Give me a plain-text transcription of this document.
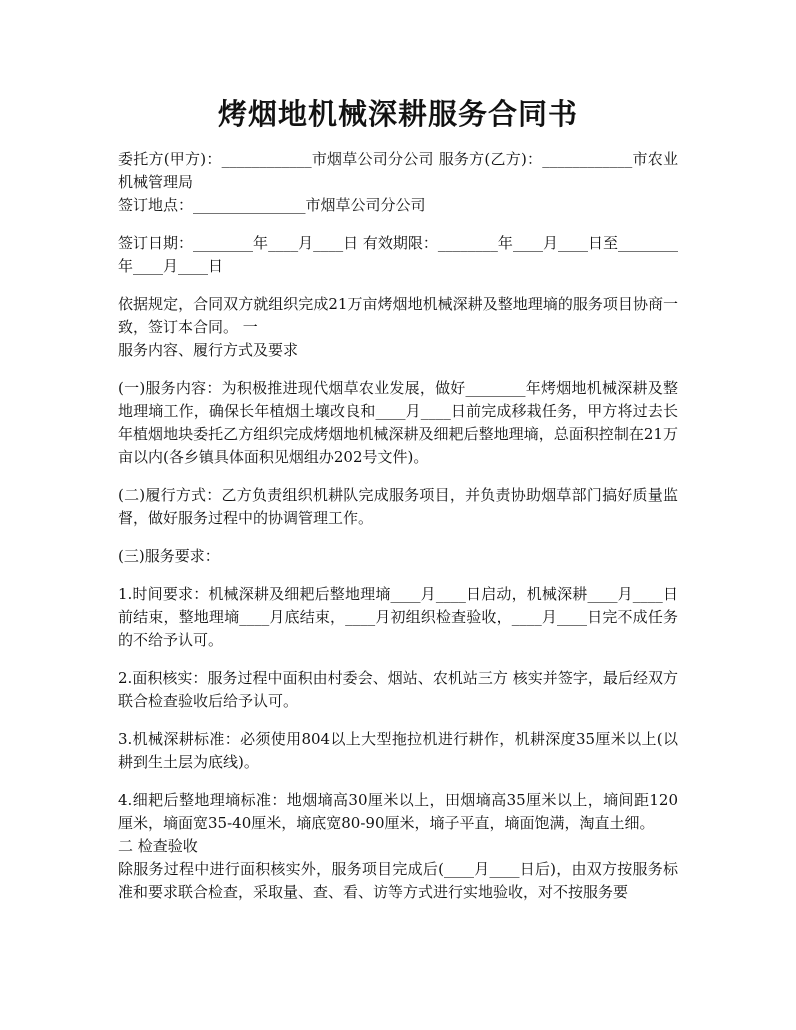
烤烟地机械深耕服务合同书

委托方(甲方)：____________市烟草公司分公司 服务方(乙方)：____________市农业机械管理局

签订地点：_______________市烟草公司分公司

签订日期：________年____月____日 有效期限：________年____月____日至________年____月____日

依据规定，合同双方就组织完成21万亩烤烟地机械深耕及整地理墒的服务项目协商一致，签订本合同。 一

服务内容、履行方式及要求

(一)服务内容：为积极推进现代烟草农业发展，做好________年烤烟地机械深耕及整地理墒工作，确保长年植烟土壤改良和____月____日前完成移栽任务，甲方将过去长年植烟地块委托乙方组织完成烤烟地机械深耕及细耙后整地理墒，总面积控制在21万亩以内(各乡镇具体面积见烟组办202号文件)。

(二)履行方式：乙方负责组织机耕队完成服务项目，并负责协助烟草部门搞好质量监督，做好服务过程中的协调管理工作。

(三)服务要求：

1.时间要求：机械深耕及细耙后整地理墒____月____日启动，机械深耕____月____日前结束，整地理墒____月底结束，____月初组织检查验收，____月____日完不成任务的不给予认可。

2.面积核实：服务过程中面积由村委会、烟站、农机站三方 核实并签字，最后经双方联合检查验收后给予认可。

3.机械深耕标准：必须使用804以上大型拖拉机进行耕作，机耕深度35厘米以上(以耕到生土层为底线)。

4.细耙后整地理墒标准：地烟墒高30厘米以上，田烟墒高35厘米以上，墒间距120厘米，墒面宽35-40厘米，墒底宽80-90厘米，墒子平直，墒面饱满，淘直土细。

二 检查验收

除服务过程中进行面积核实外，服务项目完成后(____月____日后)，由双方按服务标准和要求联合检查，采取量、查、看、访等方式进行实地验收，对不按服务要
